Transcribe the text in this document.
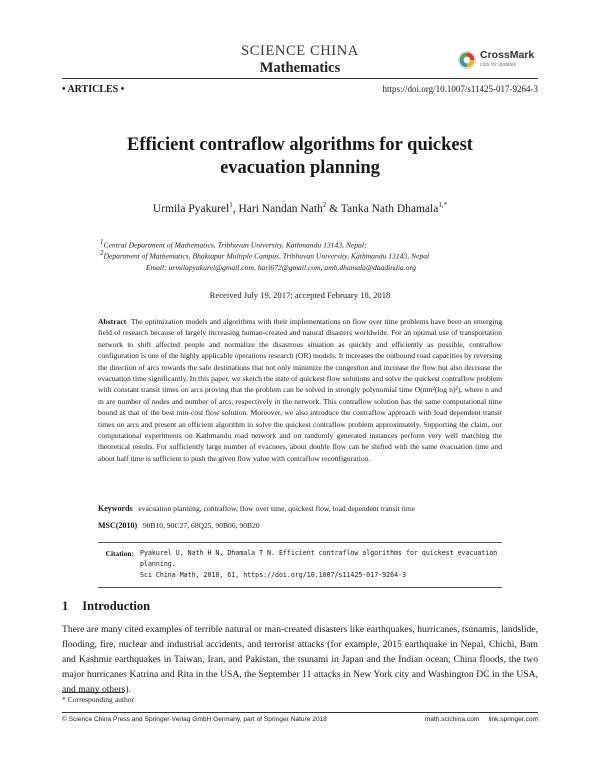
SCIENCE CHINA
Mathematics
CrossMark
click for updates
• ARTICLES •	https://doi.org/10.1007/s11425-017-9264-3
Efficient contraflow algorithms for quickest
evacuation planning
Urmila Pyakurel$^1$, Hari Nandan Nath$^2$ & Tanka Nath Dhamala$^{1,*}$
$^1$Central Department of Mathematics, Tribhuvan University, Kathmandu 13143, Nepal;
$^2$Department of Mathematics, Bhaktapur Multiple Campus, Tribhuvan University, Kathmandu 13143, Nepal
Email: urmilapyakurel@gmail.com, hari672@gmail.com, amb.dhamala@daadindia.org
Received July 19, 2017; accepted February 18, 2018
Abstract The optimization models and algorithms with their implementations on flow over time problems have been an emerging field of research because of largely increasing human-created and natural disasters worldwide. For an optimal use of transportation network to shift affected people and normalize the disastrous situation as quickly and efficiently as possible, contraflow configuration is one of the highly applicable operations research (OR) models. It increases the outbound road capacities by reversing the direction of arcs towards the safe destinations that not only minimize the congestion and increase the flow but also decrease the evacuation time significantly. In this paper, we sketch the state of quickest flow solutions and solve the quickest contraflow problem with constant transit times on arcs proving that the problem can be solved in strongly polynomial time O(nm²(log n)²), where n and m are number of nodes and number of arcs, respectively in the network. This contraflow solution has the same computational time bound as that of the best min-cost flow solution. Moreover, we also introduce the contraflow approach with load dependent transit times on arcs and present an efficient algorithm to solve the quickest contraflow problem approximately. Supporting the claim, our computational experiments on Kathmandu road network and on randomly generated instances perform very well matching the theoretical results. For sufficiently large number of evacuees, about double flow can be shifted with the same evacuation time and about half time is sufficient to push the given flow value with contraflow reconfiguration.
Keywords evacuation planning, contraflow, flow over time, quickest flow, load dependent transit time
MSC(2010) 90B10, 90C27, 68Q25, 90B06, 90B20
Citation: Pyakurel U, Nath H N, Dhamala T N. Efficient contraflow algorithms for quickest evacuation planning.
Sci China Math, 2018, 61, https://doi.org/10.1007/s11425-017-9264-3
1 Introduction
There are many cited examples of terrible natural or man-created disasters like earthquakes, hurricanes, tsunamis, landslide, flooding, fire, nuclear and industrial accidents, and terrorist attacks (for example, 2015 earthquake in Nepal, Chichi, Bam and Kashmir earthquakes in Taiwan, Iran, and Pakistan, the tsunami in Japan and the Indian ocean, China floods, the two major hurricanes Katrina and Rita in the USA, the September 11 attacks in New York city and Washington DC in the USA, and many others).
* Corresponding author
© Science China Press and Springer-Verlag GmbH Germany, part of Springer Nature 2018	math.scichina.com     link.springer.com
